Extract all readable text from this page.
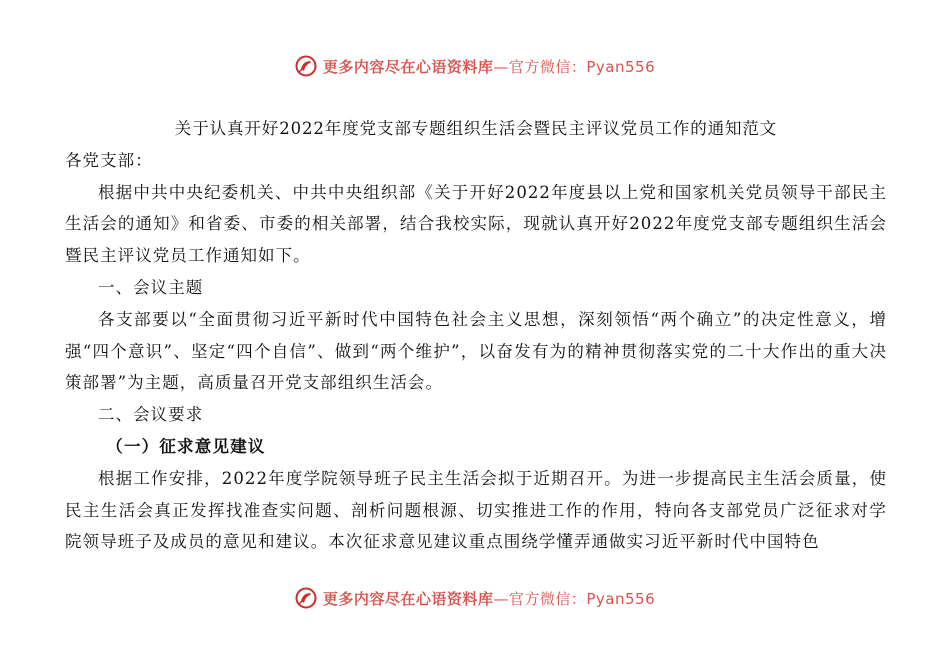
更多内容尽在心语资料库 —官方微信：Pyan556

关于认真开好2022年度党支部专题组织生活会暨民主评议党员工作的通知范文

各党支部：

根据中共中央纪委机关、中共中央组织部《关于开好2022年度县以上党和国家机关党员领导干部民主生活会的通知》和省委、市委的相关部署，结合我校实际，现就认真开好2022年度党支部专题组织生活会暨民主评议党员工作通知如下。

一、会议主题

各支部要以“全面贯彻习近平新时代中国特色社会主义思想，深刻领悟“两个确立”的决定性意义，增强“四个意识”、坚定“四个自信”、做到“两个维护”，以奋发有为的精神贯彻落实党的二十大作出的重大决策部署”为主题，高质量召开党支部组织生活会。

二、会议要求

（一）征求意见建议

根据工作安排，2022年度学院领导班子民主生活会拟于近期召开。为进一步提高民主生活会质量，使民主生活会真正发挥找准查实问题、剖析问题根源、切实推进工作的作用，特向各支部党员广泛征求对学院领导班子及成员的意见和建议。本次征求意见建议重点围绕学懂弄通做实习近平新时代中国特色

更多内容尽在心语资料库 —官方微信：Pyan556
